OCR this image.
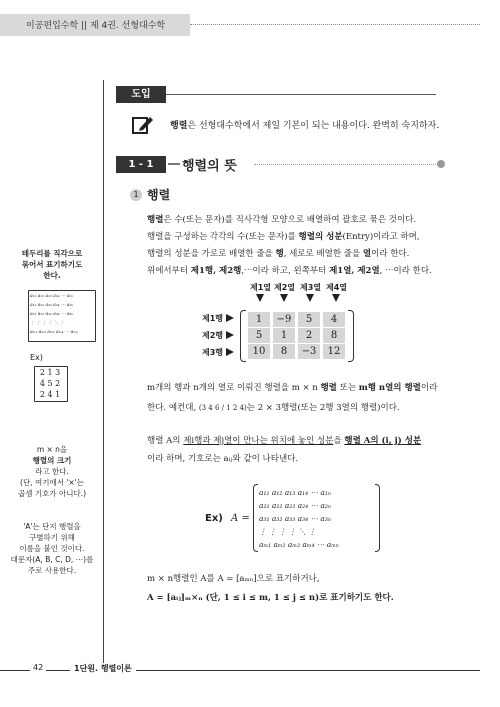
이공편입수학 || 제 4권. 선형대수학
도입
행렬은 선형대수학에서 제일 기본이 되는 내용이다. 완벽히 숙지하자.
1 - 1	행렬의 뜻
1 행렬
행렬은 수(또는 문자)를 직사각형 모양으로 배열하여 괄호로 묶은 것이다.
행렬을 구성하는 각각의 수(또는 문자)를 행렬의 성분(Entry)이라고 하며,
행렬의 성분을 가로로 배열한 줄을 행, 세로로 배열한 줄을 열이라 한다.
위에서부터 제1행, 제2행,⋯이라 하고, 왼쪽부터 제1열, 제2열, ⋯이라 한다.
제1열 제2열 제3열 제4열
제1행
제2행
제3행
1	−9	5	4
5	1	2	8
10	8	−3	12
m개의 행과 n개의 열로 이뤄진 행렬을 m × n 행렬 또는 m행 n열의 행렬이라
한다. 예컨대, (3 4 6 / 1 2 4)는 2 × 3행렬(또는 2행 3열의 행렬)이다.
행렬 A의 제i행과 제j열이 만나는 위치에 놓인 성분을 행렬 A의 (i, j) 성분
이라 하며, 기호로는 aᵢⱼ와 같이 나타낸다.
Ex) A =
a₁₁ a₁₂ a₁₃ a₁₄ ⋯ a₁ₙ
a₂₁ a₂₂ a₂₃ a₂₄ ⋯ a₂ₙ
a₃₁ a₃₂ a₃₃ a₃₄ ⋯ a₃ₙ
⋮ ⋮ ⋮ ⋮ ⋱ ⋮
aₘ₁ aₘ₂ aₘ₃ aₘ₄ ⋯ aₘₙ
m × n행렬인 A를 A = [aₘₙ]으로 표기하거나,
A = [aᵢⱼ]ₘ×ₙ (단, 1 ≤ i ≤ m, 1 ≤ j ≤ n)로 표기하기도 한다.
테두리를 직각으로
묶어서 표기하기도
한다.
a₁₁ a₁₂ a₁₃ a₁₄ ⋯ a₁ₙ
a₂₁ a₂₂ a₂₃ a₂₄ ⋯ a₂ₙ
a₃₁ a₃₂ a₃₃ a₃₄ ⋯ a₃ₙ
⋮ ⋮ ⋮ ⋮ ⋱ ⋮
aₘ₁ aₘ₂ aₘ₃ aₘ₄ ⋯ aₘₙ
Ex)
2 1 3
4 5 2
2 4 1
m × n을
행렬의 크기
라고 한다.
(단, 여기에서 '×'는
곱셈 기호가 아니다.)
'A'는 단지 행렬을
구별하기 위해
이름을 붙인 것이다.
대문자(A, B, C, D, ⋯)를
주로 사용한다.
42	1단원. 행렬이론
